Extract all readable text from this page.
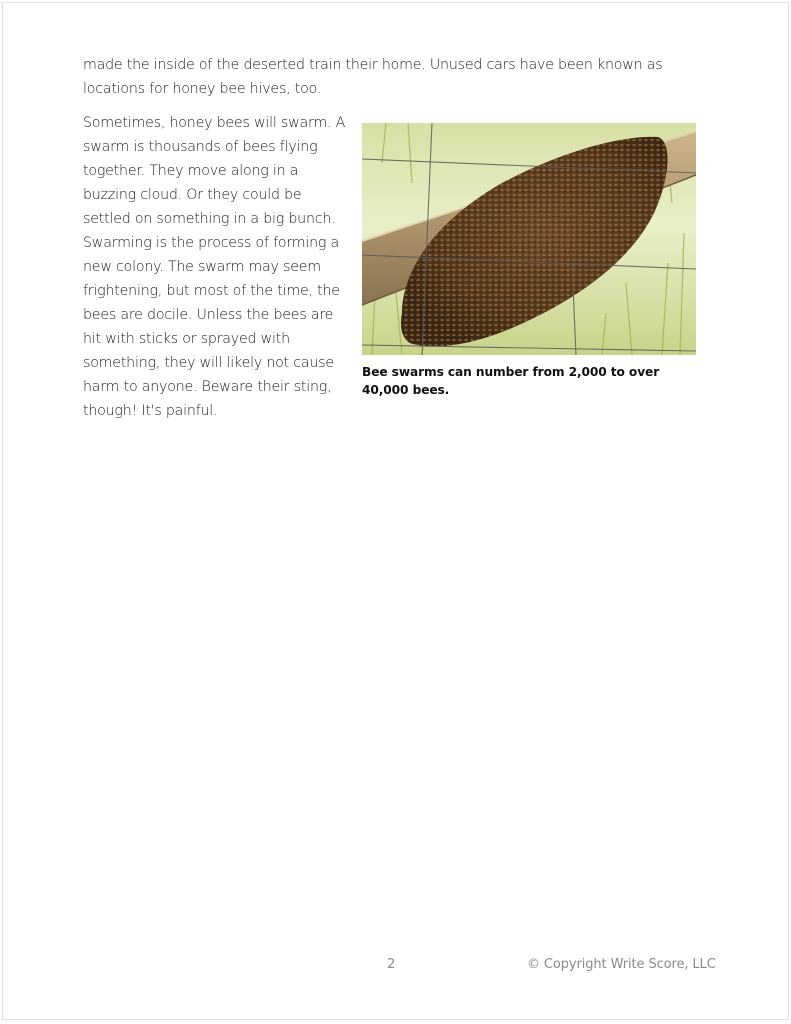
made the inside of the deserted train their home. Unused cars have been known as locations for honey bee hives, too.

Sometimes, honey bees will swarm. A swarm is thousands of bees flying together. They move along in a buzzing cloud. Or they could be settled on something in a big bunch. Swarming is the process of forming a new colony. The swarm may seem frightening, but most of the time, the bees are docile. Unless the bees are hit with sticks or sprayed with something, they will likely not cause harm to anyone. Beware their sting, though! It's painful.

Bee swarms can number from 2,000 to over 40,000 bees.
2	© Copyright Write Score, LLC
